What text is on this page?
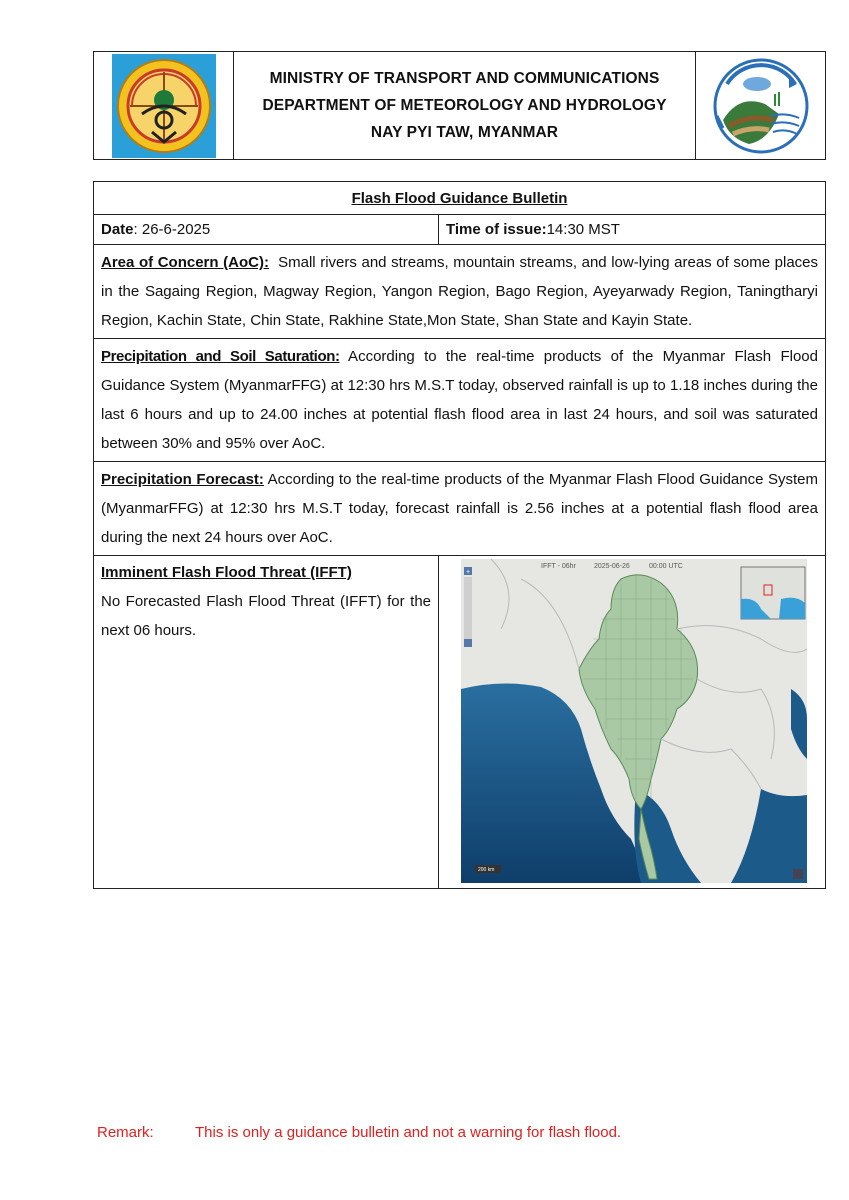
MINISTRY OF TRANSPORT AND COMMUNICATIONS
DEPARTMENT OF METEOROLOGY AND HYDROLOGY
NAY PYI TAW, MYANMAR
Flash Flood Guidance Bulletin
Date : 26-6-2025	Time of issue: 14:30 MST
Area of Concern (AoC):  Small rivers and streams, mountain streams, and low-lying areas of some places in the Sagaing Region, Magway Region, Yangon Region, Bago Region, Ayeyarwady Region, Taningtharyi Region, Kachin State, Chin State, Rakhine State,Mon State, Shan State and Kayin State.
Precipitation and Soil Saturation: According to the real-time products of the Myanmar Flash Flood Guidance System (MyanmarFFG) at 12:30 hrs M.S.T today, observed rainfall is up to 1.18 inches during the last 6 hours and up to 24.00 inches at potential flash flood area in last 24 hours, and soil was saturated between 30% and 95% over AoC.
Precipitation Forecast: According to the real-time products of the Myanmar Flash Flood Guidance System (MyanmarFFG) at 12:30 hrs M.S.T today, forecast rainfall is 2.56 inches at a potential flash flood area during the next 24 hours over AoC.
Imminent Flash Flood Threat (IFFT)
No Forecasted Flash Flood Threat (IFFT) for the next 06 hours.
IFFT - 06hr	2025-06-26	00:00 UTC
+
200 km
Remark:	This is only a guidance bulletin and not a warning for flash flood.
